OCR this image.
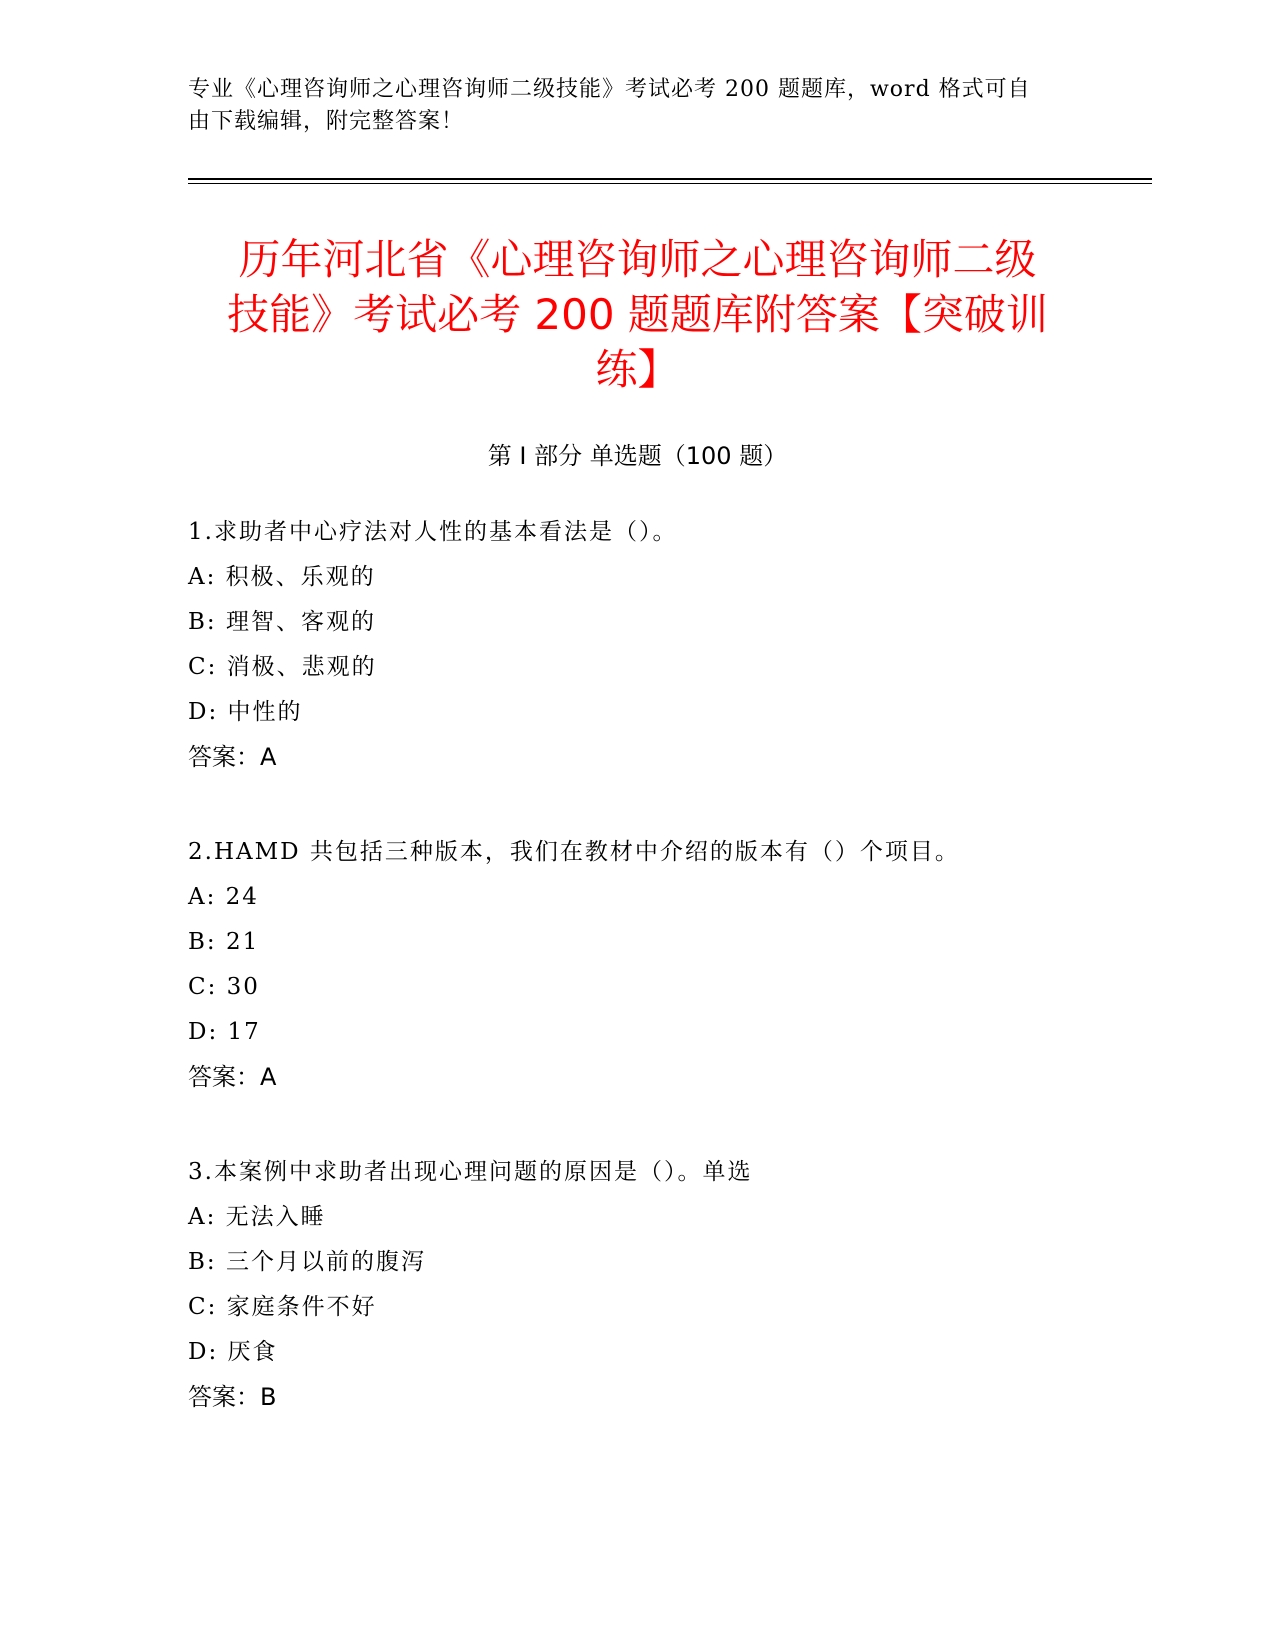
专业《心理咨询师之心理咨询师二级技能》考试必考 200 题题库，word 格式可自
由下载编辑，附完整答案！
历年河北省《心理咨询师之心理咨询师二级
技能》考试必考 200 题题库附答案【突破训
练】
第 I 部分 单选题（100 题）
1.求助者中心疗法对人性的基本看法是（）。
A: 积极、乐观的
B: 理智、客观的
C: 消极、悲观的
D: 中性的
答案：A
2.HAMD 共包括三种版本，我们在教材中介绍的版本有（）个项目。
A: 24
B: 21
C: 30
D: 17
答案：A
3.本案例中求助者出现心理问题的原因是（）。单选
A: 无法入睡
B: 三个月以前的腹泻
C: 家庭条件不好
D: 厌食
答案：B
